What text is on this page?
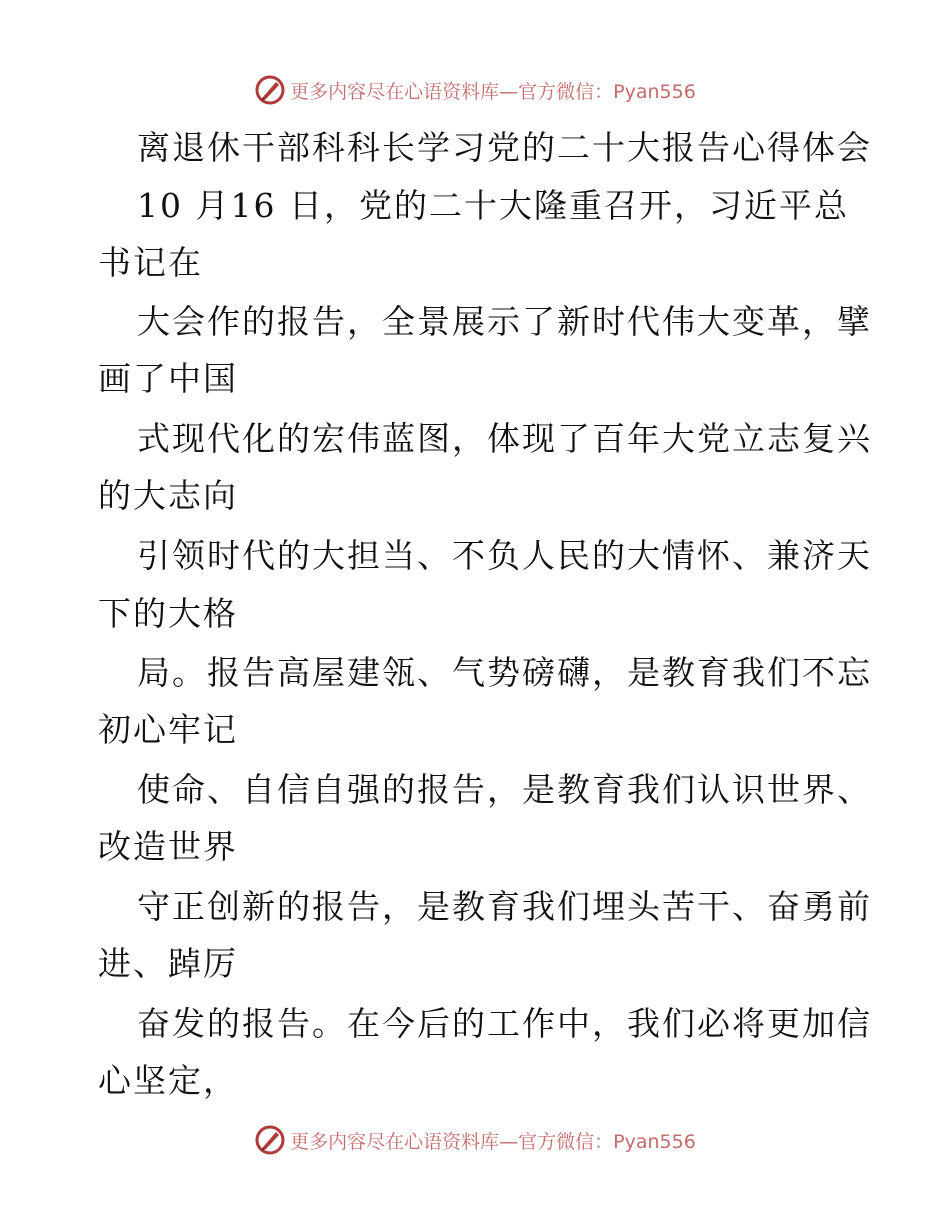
更多内容尽在心语资料库—官方微信：Pyan556
离退休干部科科长学习党的二十大报告心得体会
10 月16 日，党的二十大隆重召开，习近平总
书记在
大会作的报告，全景展示了新时代伟大变革，擘
画了中国
式现代化的宏伟蓝图，体现了百年大党立志复兴
的大志向
引领时代的大担当、不负人民的大情怀、兼济天
下的大格
局。报告高屋建瓴、气势磅礴，是教育我们不忘
初心牢记
使命、自信自强的报告，是教育我们认识世界、
改造世界
守正创新的报告，是教育我们埋头苦干、奋勇前
进、踔厉
奋发的报告。在今后的工作中，我们必将更加信
心坚定，
更多内容尽在心语资料库—官方微信：Pyan556
